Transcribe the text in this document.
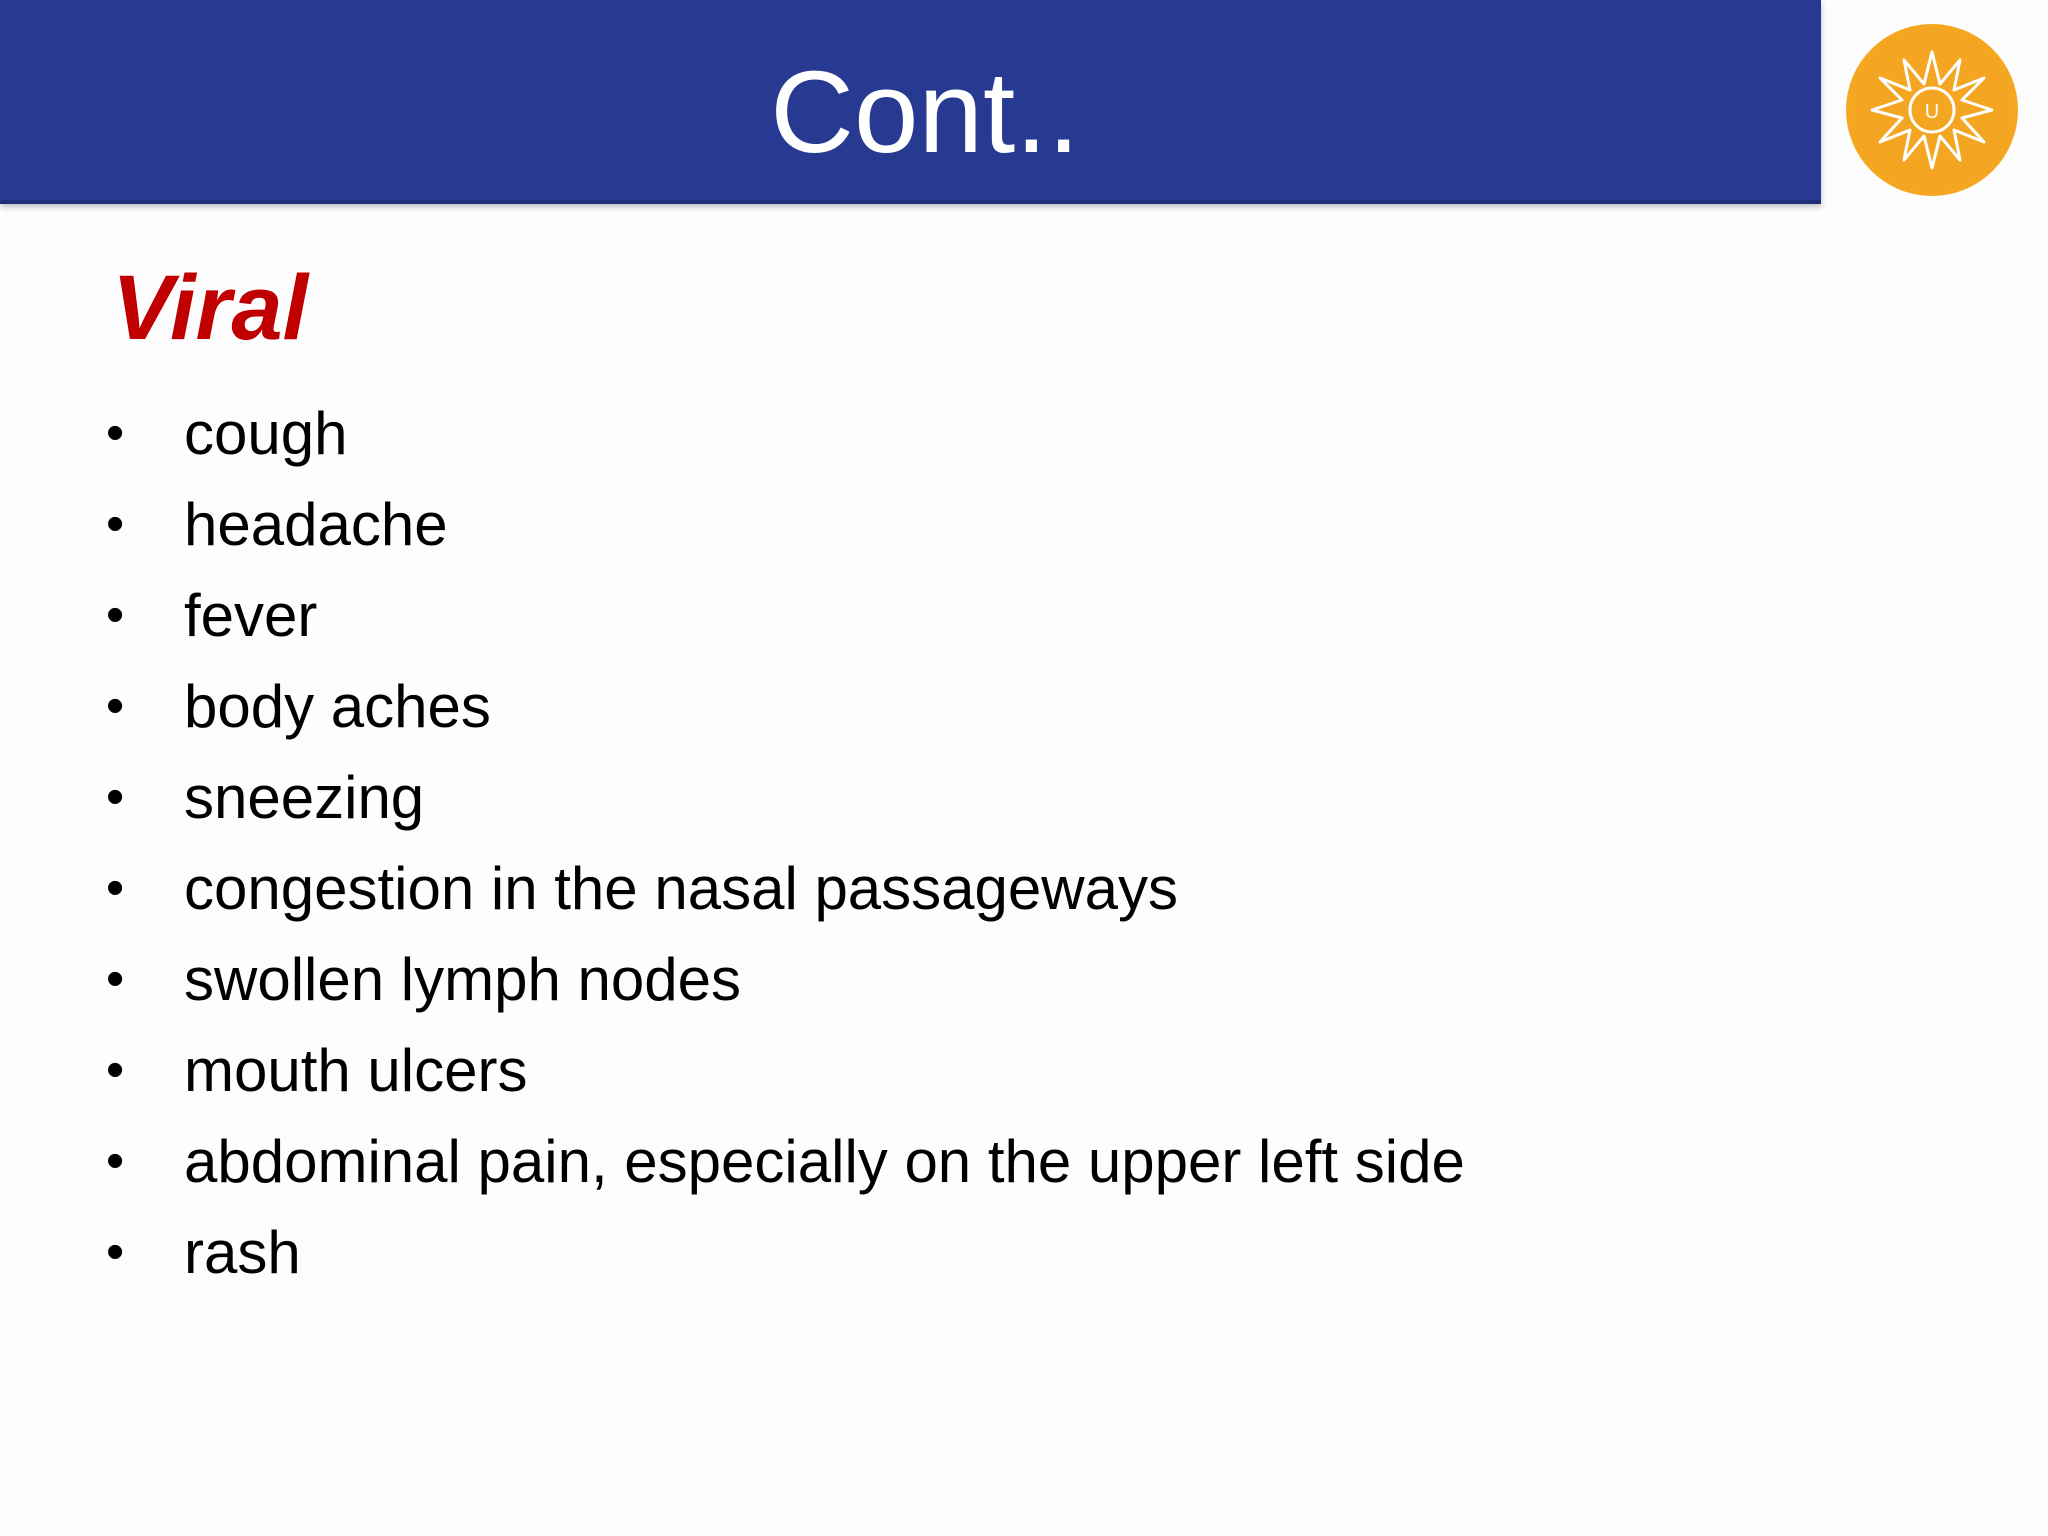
Cont..	U
Viral
• cough
• headache
• fever
• body aches
• sneezing
• congestion in the nasal passageways
• swollen lymph nodes
• mouth ulcers
• abdominal pain, especially on the upper left side
• rash
